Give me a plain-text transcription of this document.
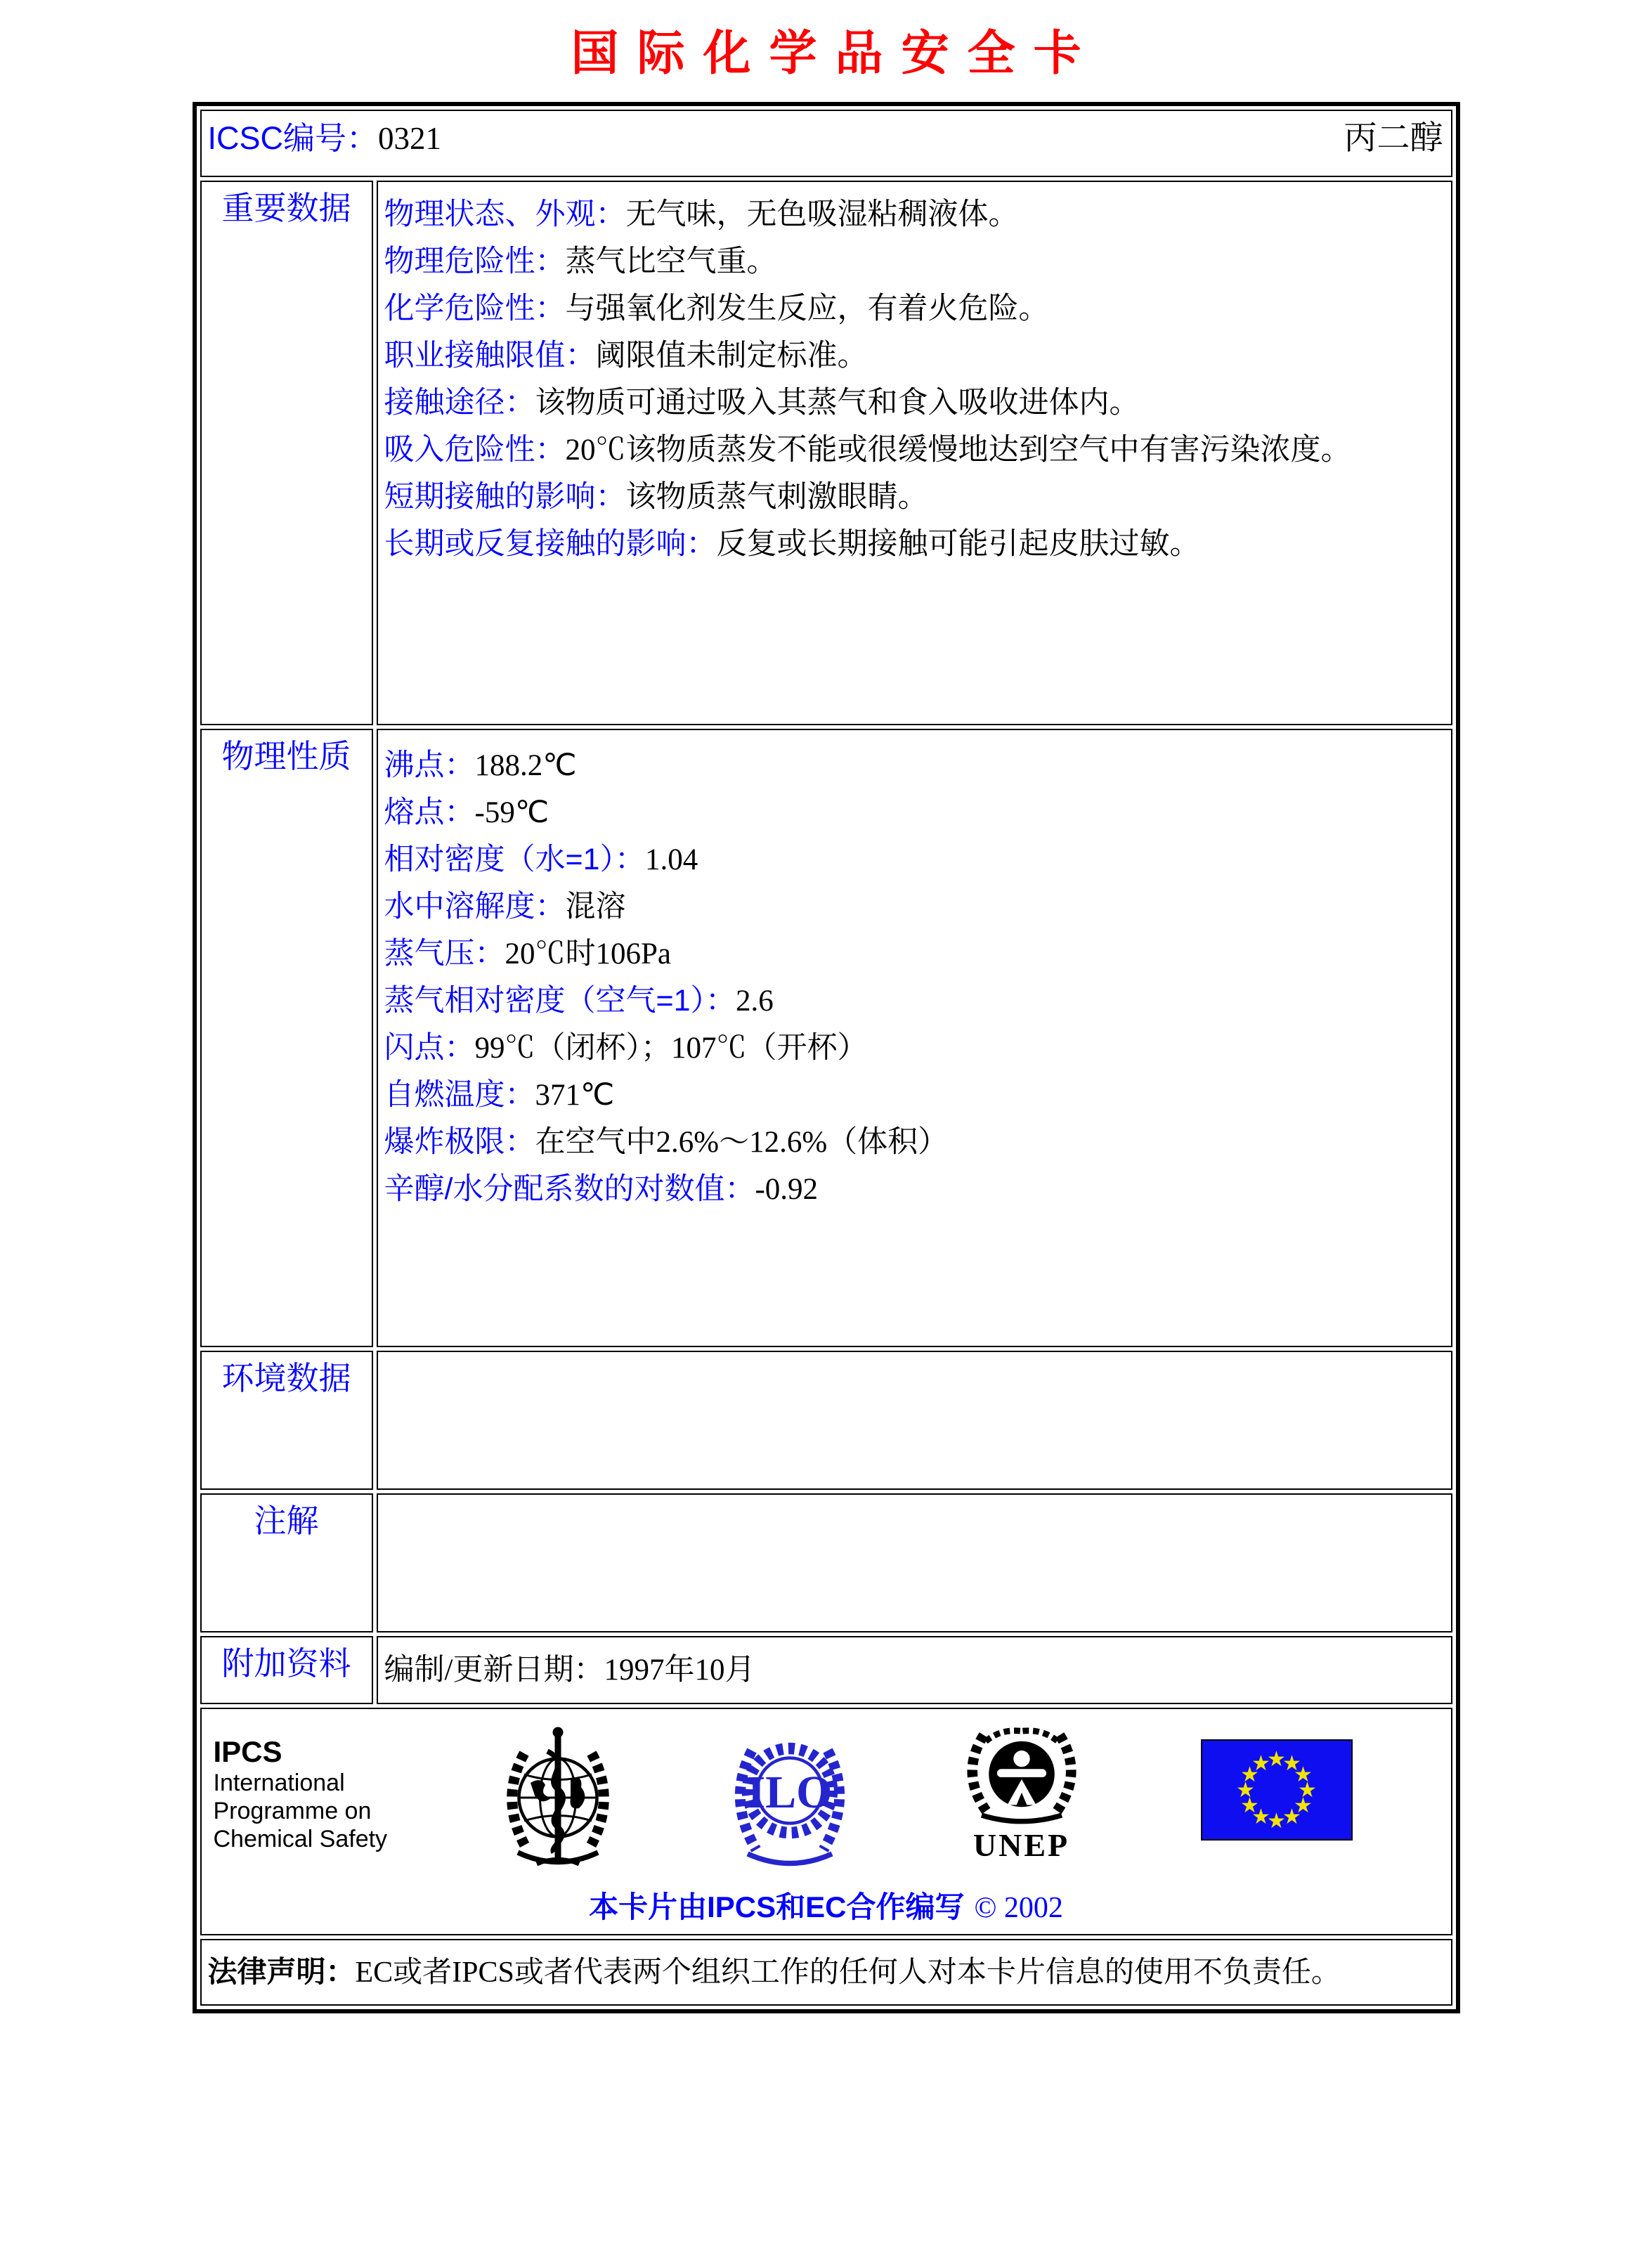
国际化学品安全卡
ICSC编号：0321 丙二醇	

重要数据	物理状态、外观：无气味，无色吸湿粘稠液体。
物理危险性：蒸气比空气重。
化学危险性：与强氧化剂发生反应，有着火危险。
职业接触限值：阈限值未制定标准。
接触途径：该物质可通过吸入其蒸气和食入吸收进体内。
吸入危险性：20℃该物质蒸发不能或很缓慢地达到空气中有害污染浓度。
短期接触的影响：该物质蒸气刺激眼睛。
长期或反复接触的影响：反复或长期接触可能引起皮肤过敏。

物理性质	沸点：188.2℃
熔点：-59℃
相对密度（水=1）：1.04
水中溶解度：混溶
蒸气压：20℃时106Pa
蒸气相对密度（空气=1）：2.6
闪点：99℃（闭杯）；107℃（开杯）
自燃温度：371℃
爆炸极限：在空气中2.6%～12.6%（体积）
辛醇/水分配系数的对数值：-0.92

环境数据	

注解	

附加资料	编制/更新日期：1997年10月

IPCS
International
Programme on
Chemical Safety
ILO
UNEP
★
★
★
★
★
★
★
★
★
★
★
★
本卡片由IPCS和EC合作编写 © 2002

法律声明：EC或者IPCS或者代表两个组织工作的任何人对本卡片信息的使用不负责任。	
